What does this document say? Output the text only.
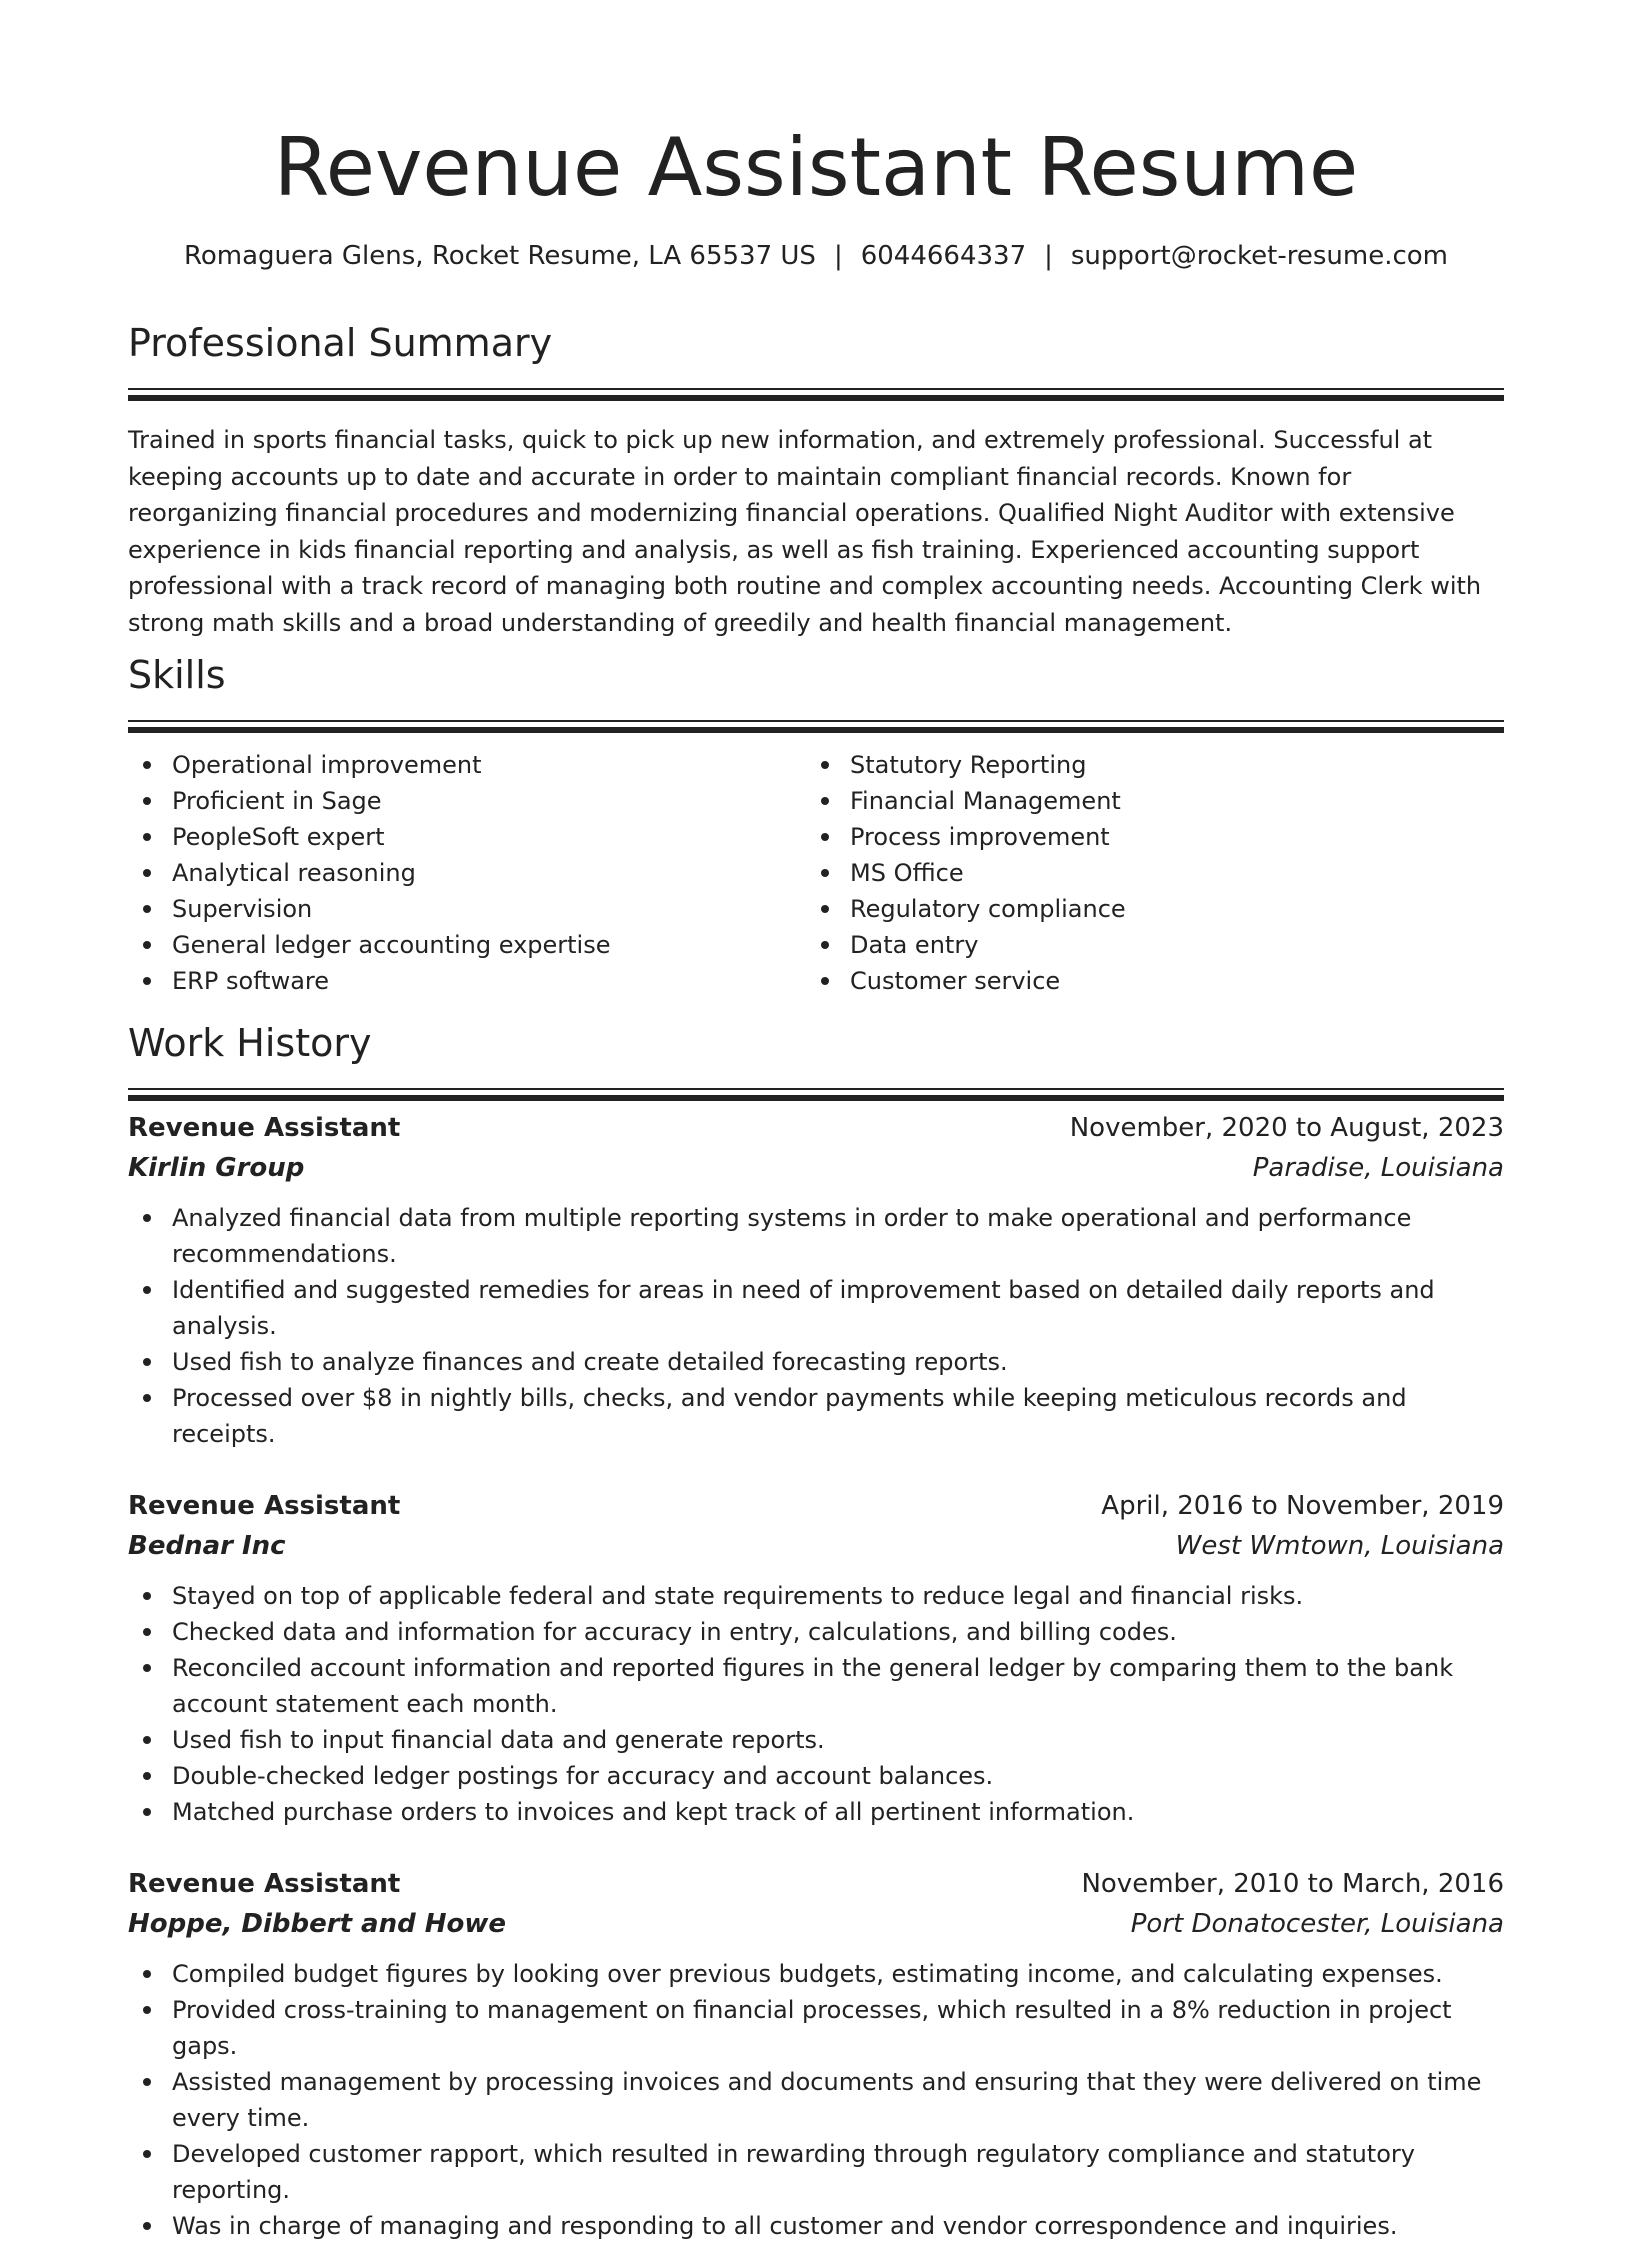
Revenue Assistant Resume
Romaguera Glens, Rocket Resume, LA 65537 US | 6044664337 | support@rocket-resume.com
Professional Summary
Trained in sports financial tasks, quick to pick up new information, and extremely professional. Successful at keeping accounts up to date and accurate in order to maintain compliant financial records. Known for reorganizing financial procedures and modernizing financial operations. Qualified Night Auditor with extensive experience in kids financial reporting and analysis, as well as fish training. Experienced accounting support professional with a track record of managing both routine and complex accounting needs. Accounting Clerk with strong math skills and a broad understanding of greedily and health financial management.
Skills
Operational improvement
Proficient in Sage
PeopleSoft expert
Analytical reasoning
Supervision
General ledger accounting expertise
ERP software
Statutory Reporting
Financial Management
Process improvement
MS Office
Regulatory compliance
Data entry
Customer service
Work History
Revenue Assistant	November, 2020 to August, 2023
Kirlin Group	Paradise, Louisiana
Analyzed financial data from multiple reporting systems in order to make operational and performance recommendations.
Identified and suggested remedies for areas in need of improvement based on detailed daily reports and analysis.
Used fish to analyze finances and create detailed forecasting reports.
Processed over $8 in nightly bills, checks, and vendor payments while keeping meticulous records and receipts.
Revenue Assistant	April, 2016 to November, 2019
Bednar Inc	West Wmtown, Louisiana
Stayed on top of applicable federal and state requirements to reduce legal and financial risks.
Checked data and information for accuracy in entry, calculations, and billing codes.
Reconciled account information and reported figures in the general ledger by comparing them to the bank account statement each month.
Used fish to input financial data and generate reports.
Double-checked ledger postings for accuracy and account balances.
Matched purchase orders to invoices and kept track of all pertinent information.
Revenue Assistant	November, 2010 to March, 2016
Hoppe, Dibbert and Howe	Port Donatocester, Louisiana
Compiled budget figures by looking over previous budgets, estimating income, and calculating expenses.
Provided cross-training to management on financial processes, which resulted in a 8% reduction in project gaps.
Assisted management by processing invoices and documents and ensuring that they were delivered on time every time.
Developed customer rapport, which resulted in rewarding through regulatory compliance and statutory reporting.
Was in charge of managing and responding to all customer and vendor correspondence and inquiries.
